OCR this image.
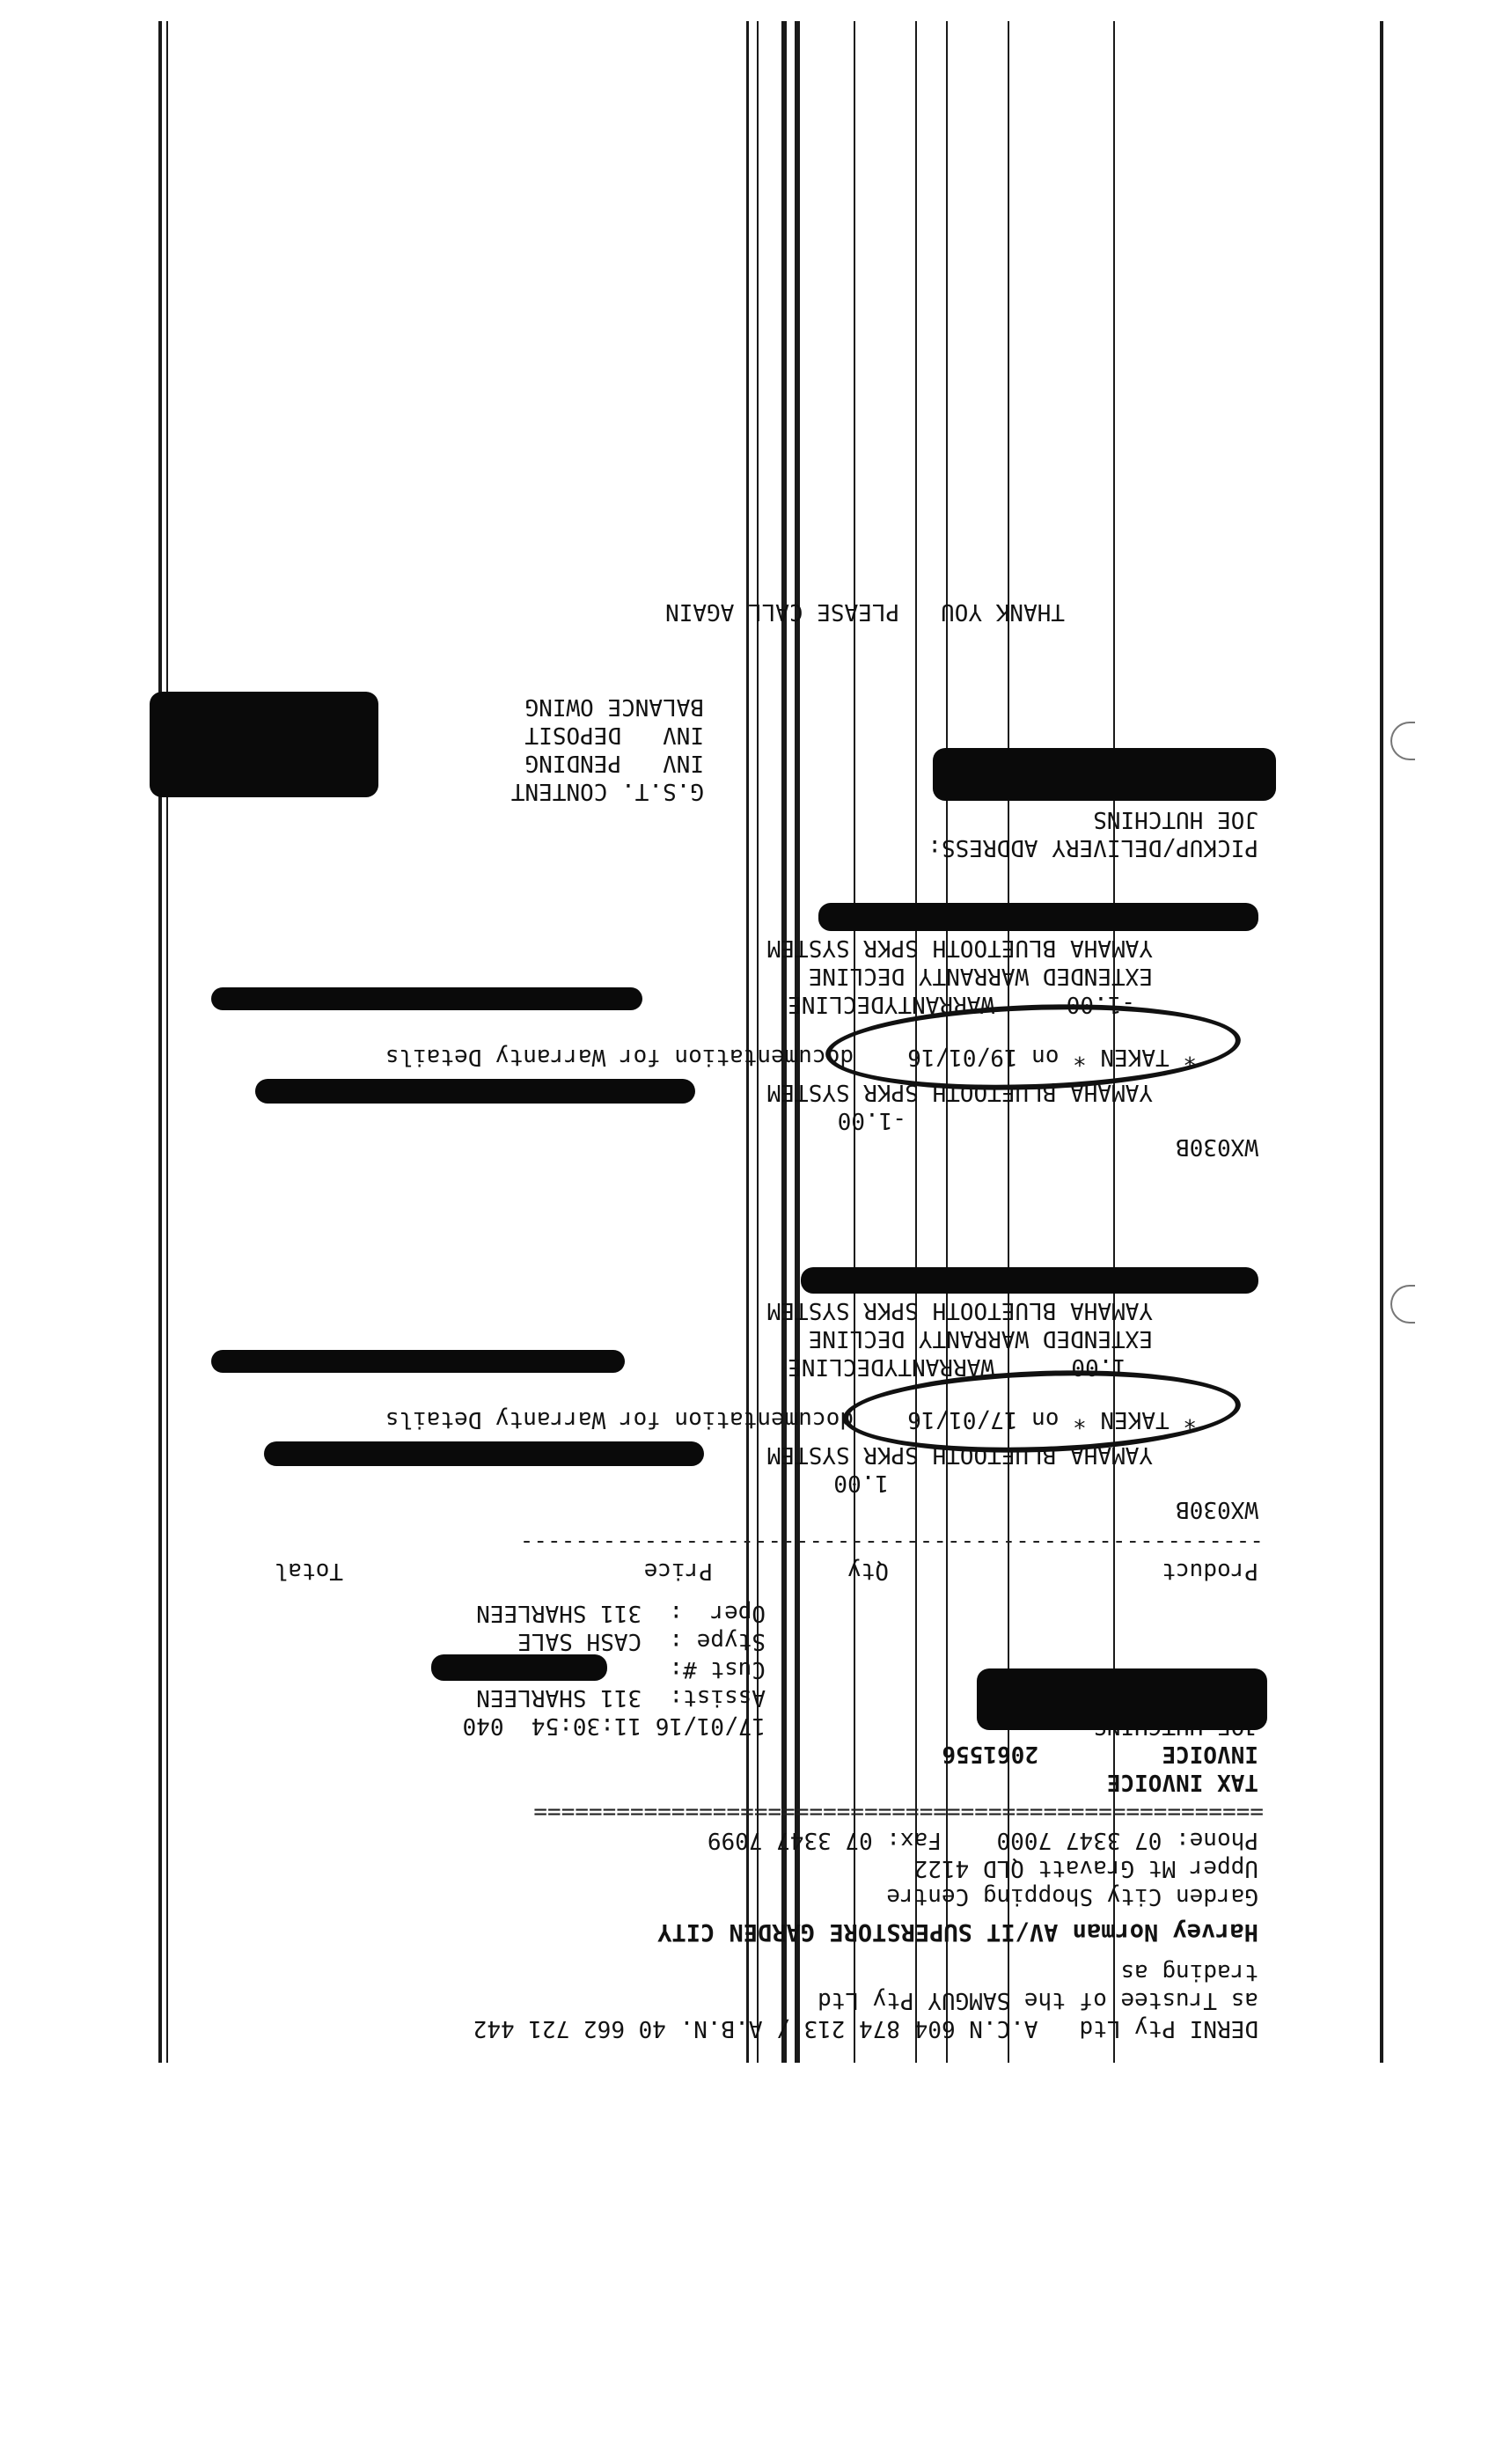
DERNI Pty Ltd   A.C.N 604 874 213 / A.B.N. 40 662 721 442
as Trustee of the SAMGUY Pty Ltd
trading as
Harvey Norman AV/IT SUPERSTORE GARDEN CITY
Garden City Shopping Centre
Upper Mt Gravatt QLD 4122
Phone: 07 3347 7000    Fax: 07 3347 7099
=====================================================
TAX INVOICE
INVOICE
2061556
17/01/16 11:30:54  040
Assist:  311 SHARLEEN
Cust #:
Stype :  CASH SALE
Oper  :  311 SHARLEEN
Product
Qty
Price
Total
------------------------------------------------------
WX030B
1.00
YAMAHA BLUETOOTH SPKR SYSTEM
* TAKEN * on 17/01/16
documentation for Warranty Details
WARRANTYDECLINE	1.00
EXTENDED WARRANTY DECLINE
YAMAHA BLUETOOTH SPKR SYSTEM
WX030B
-1.00
YAMAHA BLUETOOTH SPKR SYSTEM
* TAKEN * on 19/01/16
documentation for Warranty Details
WARRANTYDECLINE	-1.00
EXTENDED WARRANTY DECLINE
YAMAHA BLUETOOTH SPKR SYSTEM
PICKUP/DELIVERY ADDRESS:
JOE HUTCHINS
G.S.T. CONTENT
INV   PENDING
INV   DEPOSIT
BALANCE OWING
THANK YOU   PLEASE CALL AGAIN
